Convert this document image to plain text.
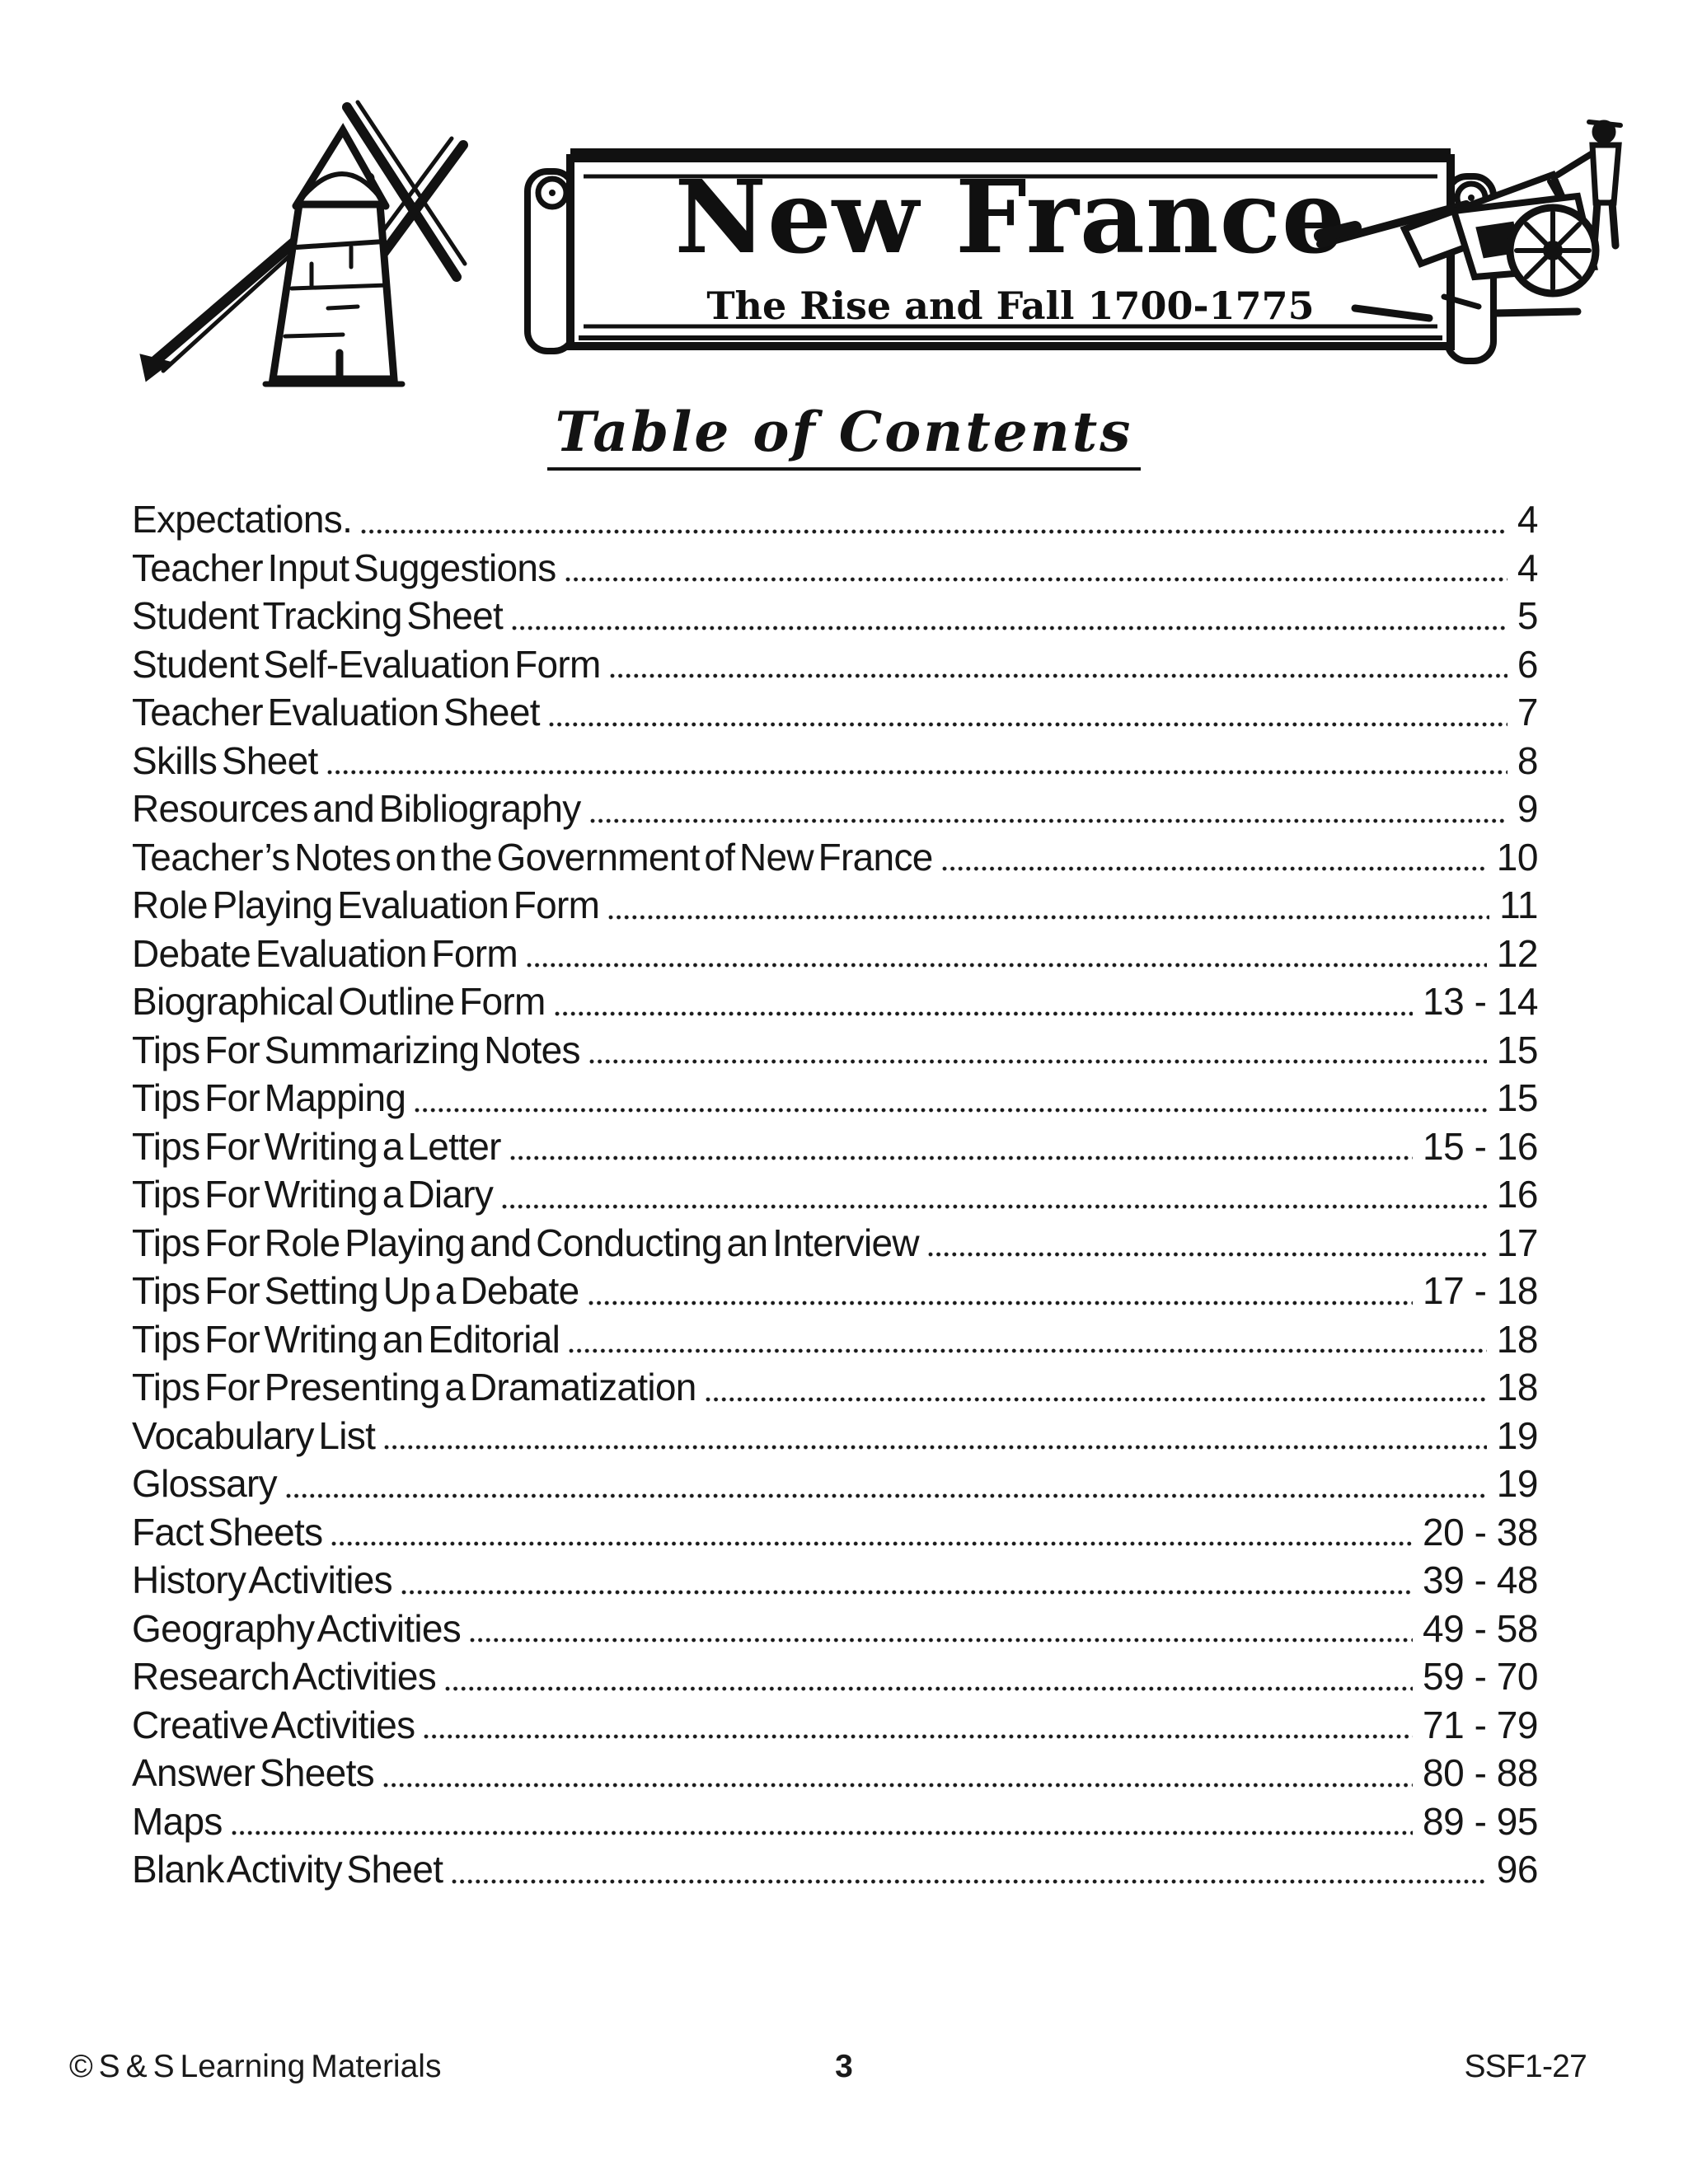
New France
The Rise and Fall 1700-1775
Table of Contents
Expectations.	4
Teacher Input Suggestions	4
Student Tracking Sheet	5
Student Self-Evaluation Form	6
Teacher Evaluation Sheet	7
Skills Sheet	8
Resources and Bibliography	9
Teacher’s Notes on the Government of New France	10
Role Playing Evaluation Form	11
Debate Evaluation Form	12
Biographical Outline Form	13 - 14
Tips For Summarizing Notes	15
Tips For Mapping	15
Tips For Writing a Letter	15 - 16
Tips For Writing a Diary	16
Tips For Role Playing and Conducting an Interview	17
Tips For Setting Up a Debate	17 - 18
Tips For Writing an Editorial	18
Tips For Presenting a Dramatization	18
Vocabulary List	19
Glossary	19
Fact Sheets	20 - 38
History Activities	39 - 48
Geography Activities	49 - 58
Research Activities	59 - 70
Creative Activities	71 - 79
Answer Sheets	80 - 88
Maps	89 - 95
Blank Activity Sheet	96
© S & S Learning Materials	3	SSF1-27
